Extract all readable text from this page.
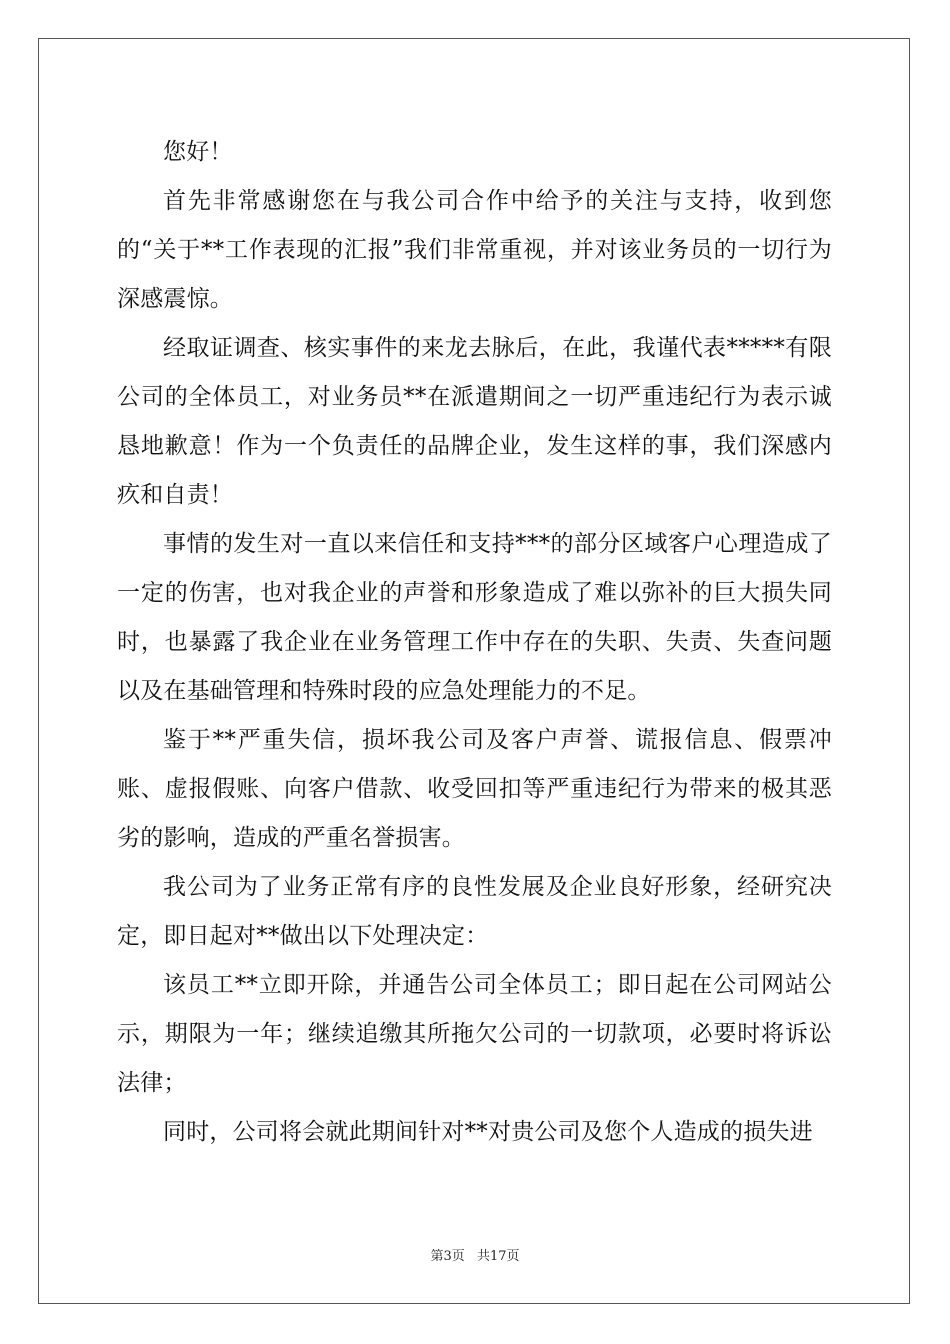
您好！

首先非常感谢您在与我公司合作中给予的关注与支持，收到您的“关于**工作表现的汇报”我们非常重视，并对该业务员的一切行为深感震惊。

经取证调查、核实事件的来龙去脉后，在此，我谨代表*****有限公司的全体员工，对业务员**在派遣期间之一切严重违纪行为表示诚恳地歉意！作为一个负责任的品牌企业，发生这样的事，我们深感内疚和自责！

事情的发生对一直以来信任和支持***的部分区域客户心理造成了一定的伤害，也对我企业的声誉和形象造成了难以弥补的巨大损失同时，也暴露了我企业在业务管理工作中存在的失职、失责、失查问题以及在基础管理和特殊时段的应急处理能力的不足。

鉴于**严重失信，损坏我公司及客户声誉、谎报信息、假票冲账、虚报假账、向客户借款、收受回扣等严重违纪行为带来的极其恶劣的影响，造成的严重名誉损害。

我公司为了业务正常有序的良性发展及企业良好形象，经研究决定，即日起对**做出以下处理决定：

该员工**立即开除，并通告公司全体员工；即日起在公司网站公示，期限为一年；继续追缴其所拖欠公司的一切款项，必要时将诉讼法律；

同时，公司将会就此期间针对**对贵公司及您个人造成的损失进

第3页 共17页
